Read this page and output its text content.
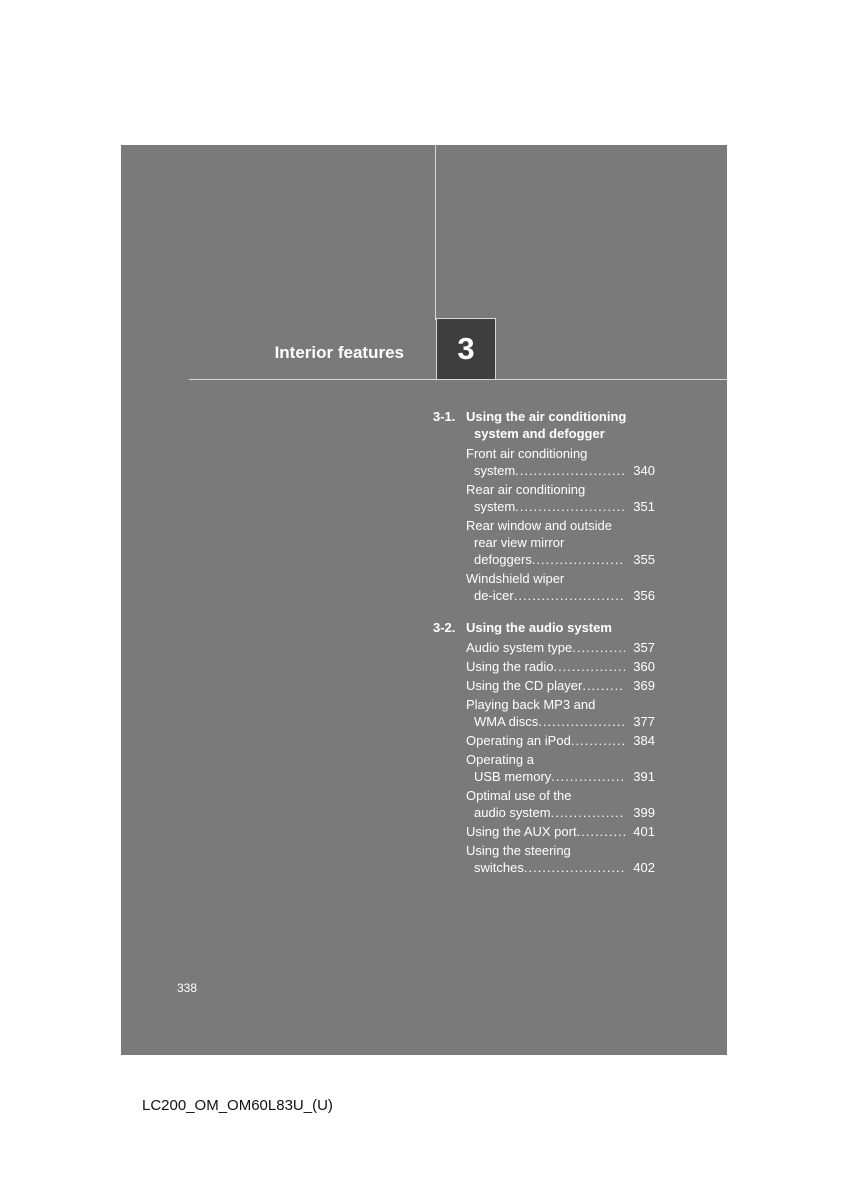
Interior features 3
3-1. Using the air conditioning
system and defogger
Front air conditioning
system .....	340
Rear air conditioning
system .....	351
Rear window and outside
rear view mirror
defoggers .....	355
Windshield wiper
de-icer .....	356
3-2. Using the audio system
Audio system type .....	357
Using the radio .....	360
Using the CD player .....	369
Playing back MP3 and
WMA discs .....	377
Operating an iPod .....	384
Operating a
USB memory .....	391
Optimal use of the
audio system .....	399
Using the AUX port .....	401
Using the steering
switches .....	402
338
LC200_OM_OM60L83U_(U)
